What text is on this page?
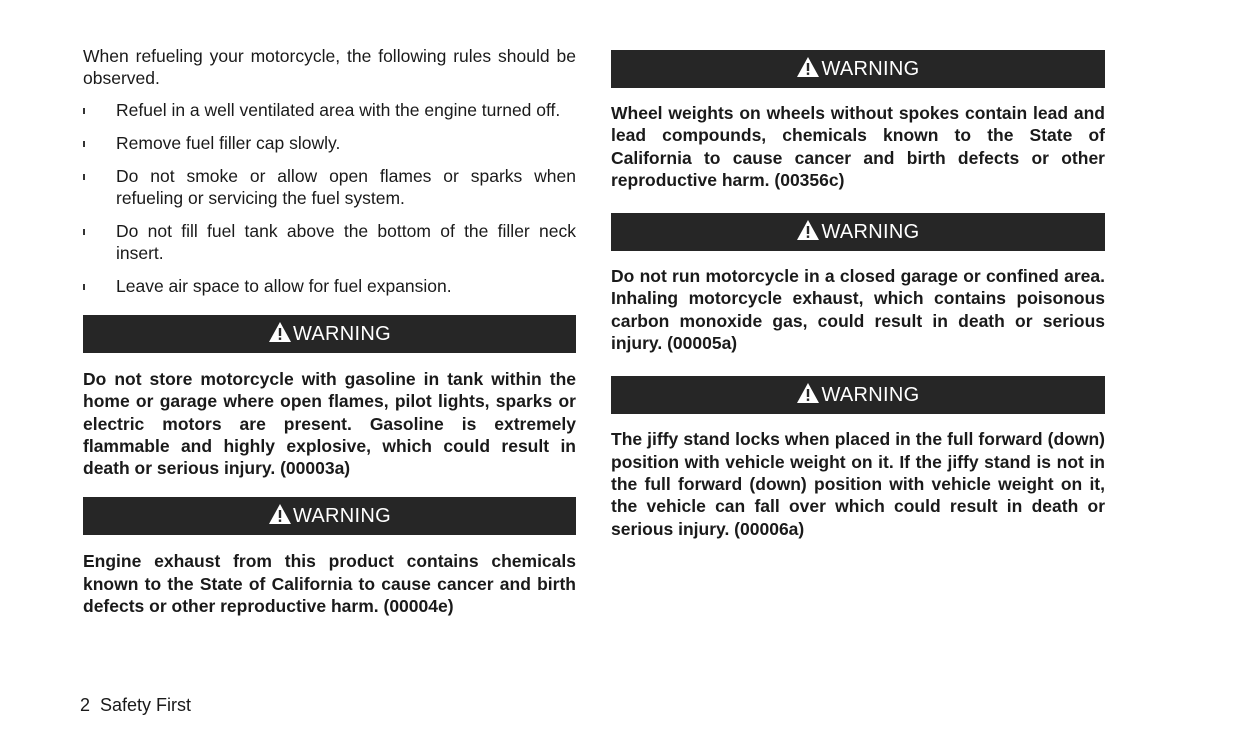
When refueling your motorcycle, the following rules should be observed.

Refuel in a well ventilated area with the engine turned off.
Remove fuel filler cap slowly.
Do not smoke or allow open flames or sparks when refueling or servicing the fuel system.
Do not fill fuel tank above the bottom of the filler neck insert.
Leave air space to allow for fuel expansion.
WARNING

Do not store motorcycle with gasoline in tank within the home or garage where open flames, pilot lights, sparks or electric motors are present. Gasoline is extremely flammable and highly explosive, which could result in death or serious injury. (00003a)

WARNING

Engine exhaust from this product contains chemicals known to the State of California to cause cancer and birth defects or other reproductive harm. (00004e)

WARNING

Wheel weights on wheels without spokes contain lead and lead compounds, chemicals known to the State of California to cause cancer and birth defects or other reproductive harm. (00356c)

WARNING

Do not run motorcycle in a closed garage or confined area. Inhaling motorcycle exhaust, which contains poisonous carbon monoxide gas, could result in death or serious injury. (00005a)

WARNING

The jiffy stand locks when placed in the full forward (down) position with vehicle weight on it. If the jiffy stand is not in the full forward (down) position with vehicle weight on it, the vehicle can fall over which could result in death or serious injury. (00006a)

2 Safety First
